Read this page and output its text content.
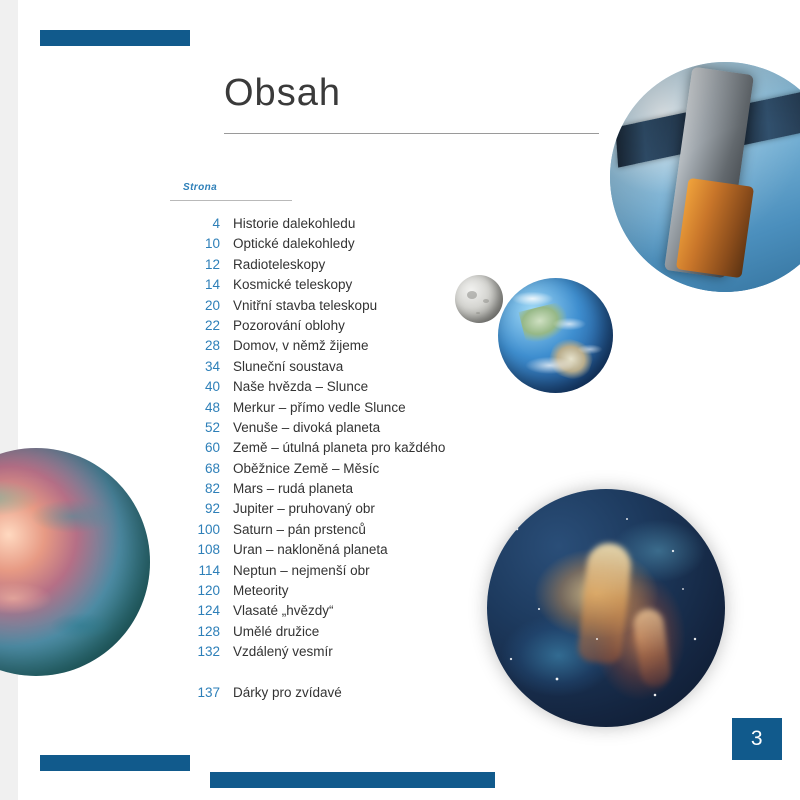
Obsah
Strona
4 Historie dalekohledu
10 Optické dalekohledy
12 Radioteleskopy
14 Kosmické teleskopy
20 Vnitřní stavba teleskopu
22 Pozorování oblohy
28 Domov, v němž žijeme
34 Sluneční soustava
40 Naše hvězda – Slunce
48 Merkur – přímo vedle Slunce
52 Venuše – divoká planeta
60 Země – útulná planeta pro každého
68 Oběžnice Země – Měsíc
82 Mars – rudá planeta
92 Jupiter – pruhovaný obr
100 Saturn – pán prstenců
108 Uran – nakloněná planeta
114 Neptun – nejmenší obr
120 Meteority
124 Vlasaté „hvězdy“
128 Umělé družice
132 Vzdálený vesmír
137 Dárky pro zvídavé
3
